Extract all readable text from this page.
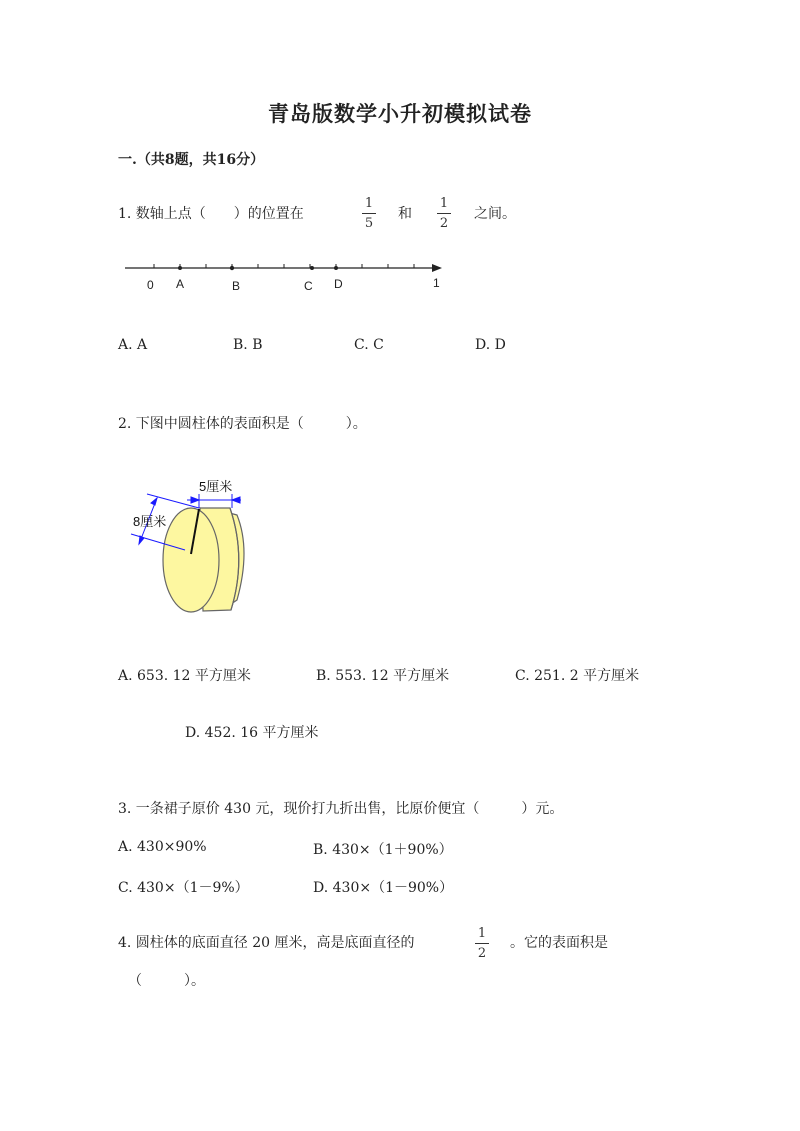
青岛版数学小升初模拟试卷
一.（共8题，共16分）
1. 数轴上点（　　）的位置在
1
5
和
1
2
之间。
0 A	B	C D	1
A. A	B. B	C. C	D. D
2. 下图中圆柱体的表面积是（　　　）。
5厘米
8厘米
A. 653. 12 平方厘米	B. 553. 12 平方厘米	C. 251. 2 平方厘米
D. 452. 16 平方厘米
3. 一条裙子原价 430 元，现价打九折出售，比原价便宜（　　　）元。
A. 430×90%	B. 430×（1＋90%）
C. 430×（1－9%）	D. 430×（1－90%）
4. 圆柱体的底面直径 20 厘米，高是底面直径的
1
2
。它的表面积是
（　　　）。
